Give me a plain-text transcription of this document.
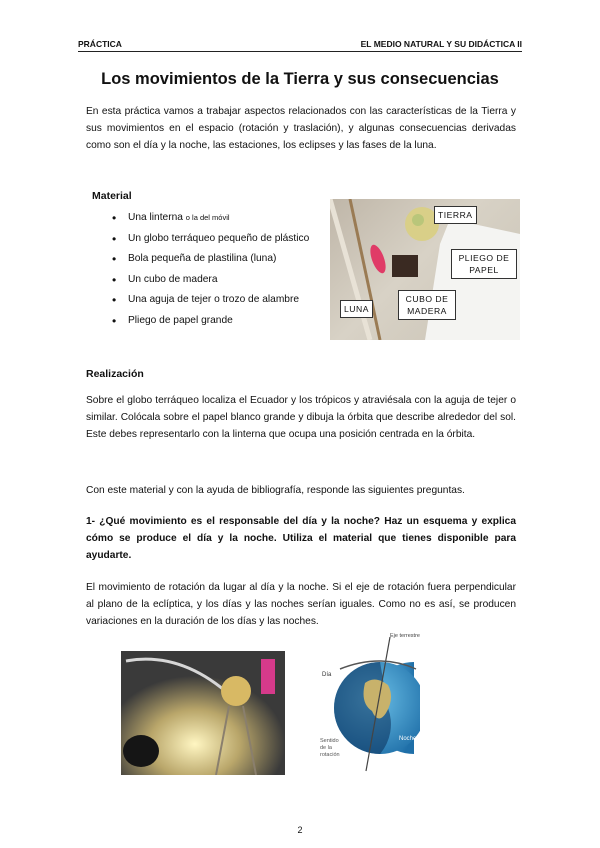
PRÁCTICA	EL MEDIO NATURAL Y SU DIDÁCTICA II
Los movimientos de la Tierra y sus consecuencias
En esta práctica vamos a trabajar aspectos relacionados con las características de la Tierra y sus movimientos en el espacio (rotación y traslación), y algunas consecuencias derivadas como son el día y la noche, las estaciones, los eclipses y las fases de la luna.
Material
• Una linterna o la del móvil
• Un globo terráqueo pequeño de plástico
• Bola pequeña de plastilina (luna)
• Un cubo de madera
• Una aguja de tejer o trozo de alambre
• Pliego de papel grande
TIERRA
PLIEGO DE
PAPEL
CUBO DE
MADERA
LUNA
Realización
Sobre el globo terráqueo localiza el Ecuador y los trópicos y atraviésala con la aguja de tejer o similar. Colócala sobre el papel blanco grande y dibuja la órbita que describe alrededor del sol. Este debes representarlo con la linterna que ocupa una posición centrada en la órbita.
Con este material y con la ayuda de bibliografía, responde las siguientes preguntas.
1- ¿Qué movimiento es el responsable del día y la noche? Haz un esquema y explica cómo se produce el día y la noche. Utiliza el material que tienes disponible para ayudarte.
El movimiento de rotación da lugar al día y la noche. Si el eje de rotación fuera perpendicular al plano de la eclíptica, y los días y las noches serían iguales. Como no es así, se producen variaciones en la duración de los días y las noches.
Eje terrestre
Día
Noche
Sentido
de la
rotación
2
